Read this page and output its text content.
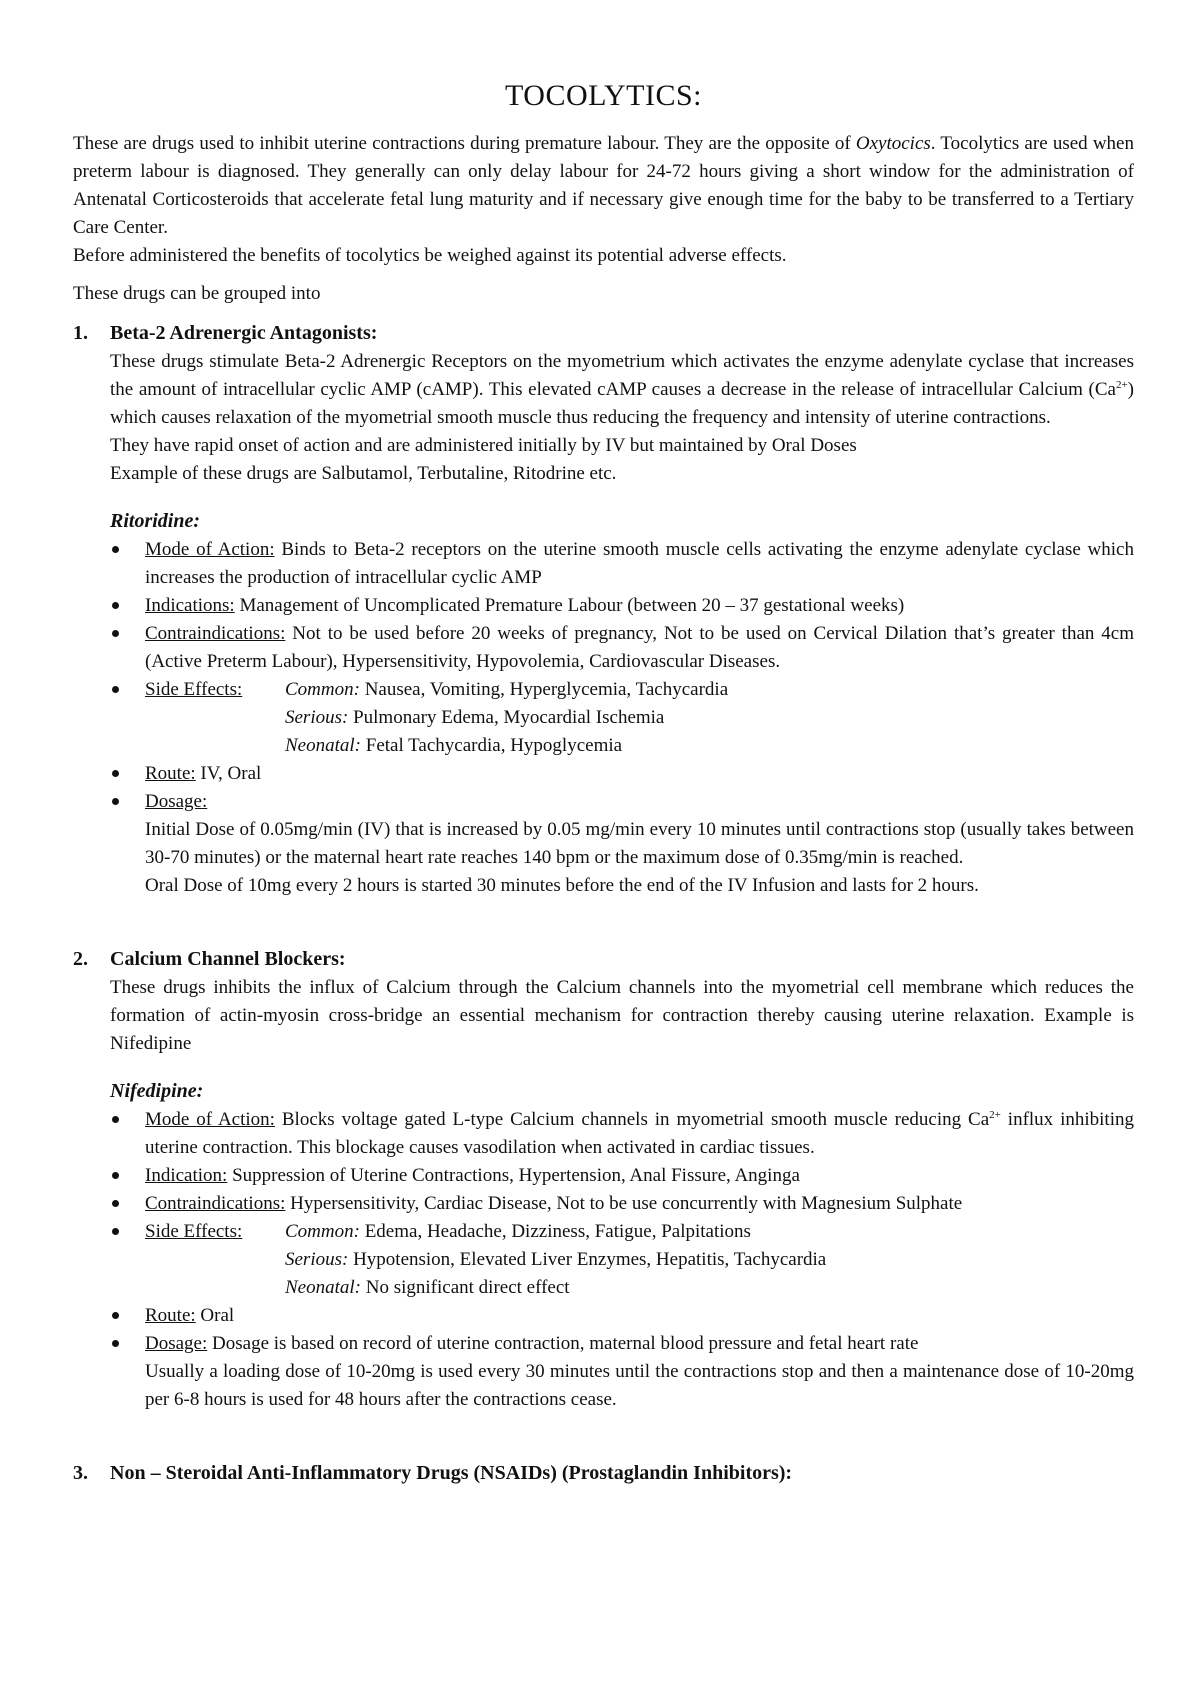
TOCOLYTICS:

These are drugs used to inhibit uterine contractions during premature labour. They are the opposite of Oxytocics. Tocolytics are used when preterm labour is diagnosed. They generally can only delay labour for 24-72 hours giving a short window for the administration of Antenatal Corticosteroids that accelerate fetal lung maturity and if necessary give enough time for the baby to be transferred to a Tertiary Care Center.

Before administered the benefits of tocolytics be weighed against its potential adverse effects.

These drugs can be grouped into

1. Beta-2 Adrenergic Antagonists:

These drugs stimulate Beta-2 Adrenergic Receptors on the myometrium which activates the enzyme adenylate cyclase that increases the amount of intracellular cyclic AMP (cAMP). This elevated cAMP causes a decrease in the release of intracellular Calcium $(Ca^{2+})$ which causes relaxation of the myometrial smooth muscle thus reducing the frequency and intensity of uterine contractions.

They have rapid onset of action and are administered initially by IV but maintained by Oral Doses

Example of these drugs are Salbutamol, Terbutaline, Ritodrine etc.

Ritoridine:
Mode of Action: Binds to Beta-2 receptors on the uterine smooth muscle cells activating the enzyme adenylate cyclase which increases the production of intracellular cyclic AMP
Indications: Management of Uncomplicated Premature Labour (between 20 – 37 gestational weeks)
Contraindications: Not to be used before 20 weeks of pregnancy, Not to be used on Cervical Dilation that’s greater than 4cm (Active Preterm Labour), Hypersensitivity, Hypovolemia, Cardiovascular Diseases.
Side Effects:	Common: Nausea, Vomiting, Hyperglycemia, Tachycardia
Serious: Pulmonary Edema, Myocardial Ischemia
Neonatal: Fetal Tachycardia, Hypoglycemia
Route: IV, Oral
Dosage:

Initial Dose of 0.05mg/min (IV) that is increased by 0.05 mg/min every 10 minutes until contractions stop (usually takes between 30-70 minutes) or the maternal heart rate reaches 140 bpm or the maximum dose of 0.35mg/min is reached.

Oral Dose of 10mg every 2 hours is started 30 minutes before the end of the IV Infusion and lasts for 2 hours.

2. Calcium Channel Blockers:
These drugs inhibits the influx of Calcium through the Calcium channels into the myometrial cell membrane which reduces the formation of actin-myosin cross-bridge an essential mechanism for contraction thereby causing uterine relaxation. Example is Nifedipine
Nifedipine:
Mode of Action: Blocks voltage gated L-type Calcium channels in myometrial smooth muscle reducing $Ca^{2+}$ influx inhibiting uterine contraction. This blockage causes vasodilation when activated in cardiac tissues.
Indication: Suppression of Uterine Contractions, Hypertension, Anal Fissure, Anginga
Contraindications: Hypersensitivity, Cardiac Disease, Not to be use concurrently with Magnesium Sulphate
Side Effects:	Common: Edema, Headache, Dizziness, Fatigue, Palpitations
Serious: Hypotension, Elevated Liver Enzymes, Hepatitis, Tachycardia
Neonatal: No significant direct effect
Route: Oral
Dosage: Dosage is based on record of uterine contraction, maternal blood pressure and fetal heart rate

Usually a loading dose of 10-20mg is used every 30 minutes until the contractions stop and then a maintenance dose of 10-20mg per 6-8 hours is used for 48 hours after the contractions cease.

3. Non – Steroidal Anti-Inflammatory Drugs (NSAIDs) (Prostaglandin Inhibitors):
